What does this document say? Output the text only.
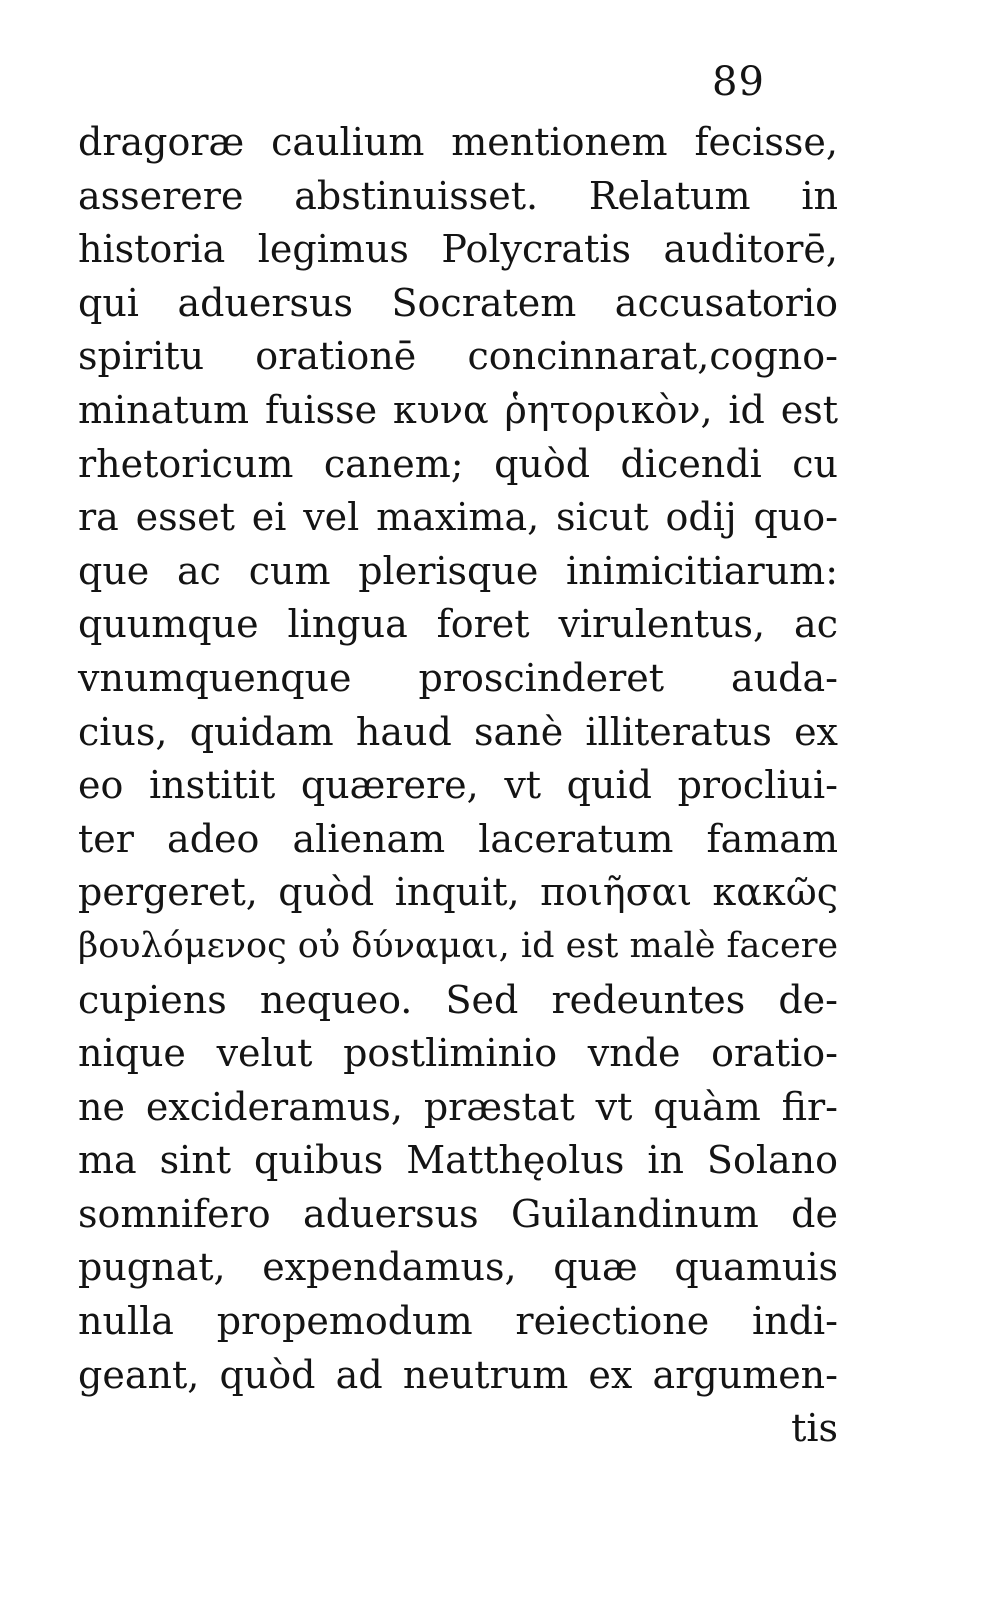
89
dragoræ caulium mentionem fecisse,
asserere abstinuisset. Relatum in
historia legimus Polycratis auditorē,
qui aduersus Socratem accusatorio
spiritu orationē concinnarat,cogno-
minatum fuisse κυνα ῥητορικὸν, id est
rhetoricum canem; quòd dicendi cu
ra esset ei vel maxima, sicut odij quo-
que ac cum plerisque inimicitiarum:
quumque lingua foret virulentus, ac
vnumquenque proscinderet auda-
cius, quidam haud sanè illiteratus ex
eo institit quærere, vt quid procliui-
ter adeo alienam laceratum famam
pergeret, quòd inquit, ποιῆσαι κακῶς
βουλόμενος οὐ δύναμαι, id est malè facere
cupiens nequeo. Sed redeuntes de-
nique velut postliminio vnde oratio-
ne excideramus, præstat vt quàm fir-
ma sint quibus Matthęolus in Solano
somnifero aduersus Guilandinum de
pugnat, expendamus, quæ quamuis
nulla propemodum reiectione indi-
geant, quòd ad neutrum ex argumen-
tis
